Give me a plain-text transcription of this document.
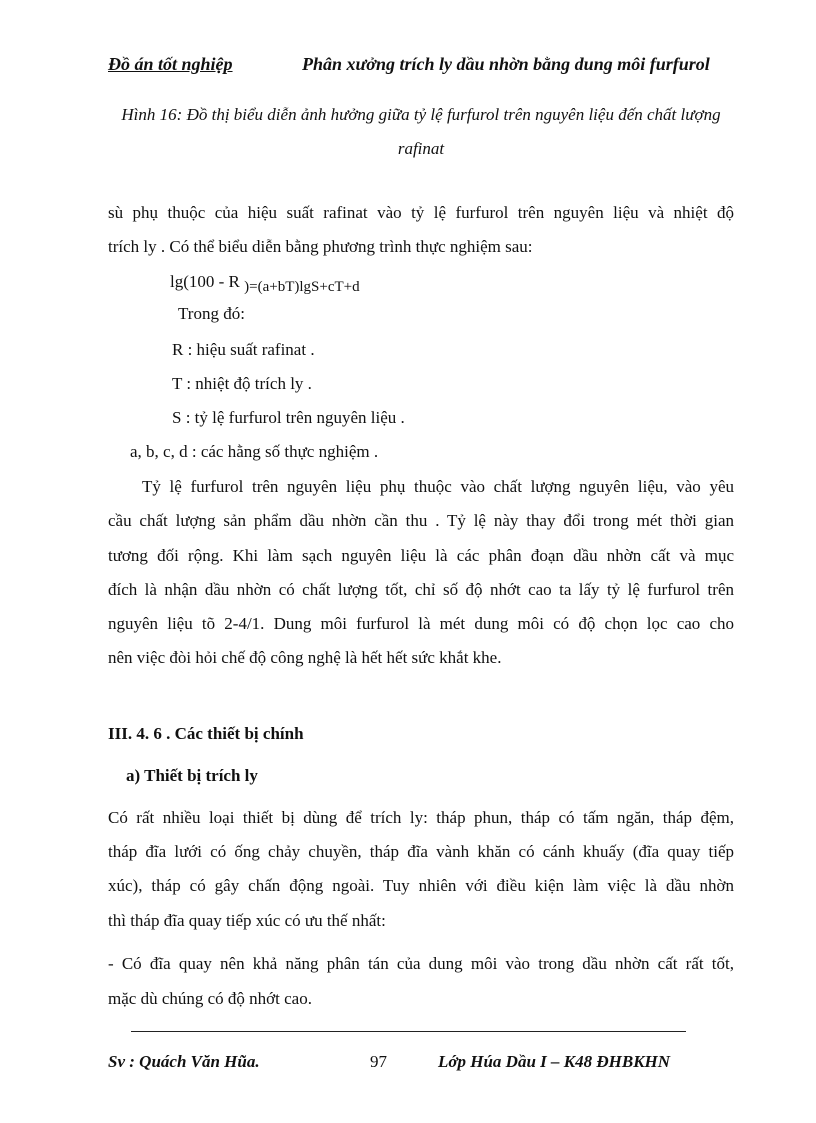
Đồ án tốt nghiệp	Phân xưởng trích ly dầu nhờn bằng dung môi furfurol
Hình 16: Đồ thị biểu diễn ảnh hưởng giữa tỷ lệ furfurol trên nguyên liệu đến chất lượng rafinat
sù phụ thuộc của hiệu suất rafinat vào tỷ lệ furfurol trên nguyên liệu và nhiệt độ
trích ly . Có thể biểu diễn bằng phương trình thực nghiệm sau:
lg(100 - R )=(a+bT)lgS+cT+d
Trong đó:
R : hiệu suất rafinat .
T : nhiệt độ trích ly .
S : tỷ lệ furfurol trên nguyên liệu .
a, b, c, d : các hằng số thực nghiệm .
Tỷ lệ furfurol trên nguyên liệu phụ thuộc vào chất lượng nguyên liệu, vào yêu
cầu chất lượng sản phẩm dầu nhờn cần thu . Tỷ lệ này thay đổi trong mét thời gian
tương đối rộng. Khi làm sạch nguyên liệu là các phân đoạn dầu nhờn cất và mục
đích là nhận dầu nhờn có chất lượng tốt, chỉ số độ nhớt cao ta lấy tỷ lệ furfurol trên
nguyên liệu tõ 2-4/1. Dung môi furfurol là mét dung môi có độ chọn lọc cao cho
nên việc đòi hỏi chế độ công nghệ là hết hết sức khắt khe.
III. 4. 6 . Các thiết bị chính
a) Thiết bị trích ly
Có rất nhiều loại thiết bị dùng để trích ly: tháp phun, tháp có tấm ngăn, tháp đệm,
tháp đĩa lưới có ống chảy chuyền, tháp đĩa vành khăn có cánh khuấy (đĩa quay tiếp
xúc), tháp có gây chấn động ngoài. Tuy nhiên với điều kiện làm việc là dầu nhờn
thì tháp đĩa quay tiếp xúc có ưu thế nhất:
- Có đĩa quay nên khả năng phân tán của dung môi vào trong dầu nhờn cất rất tốt,
mặc dù chúng có độ nhớt cao.
Sv : Quách Văn Hũa.	97	Lớp Húa Dầu I – K48 ĐHBKHN
